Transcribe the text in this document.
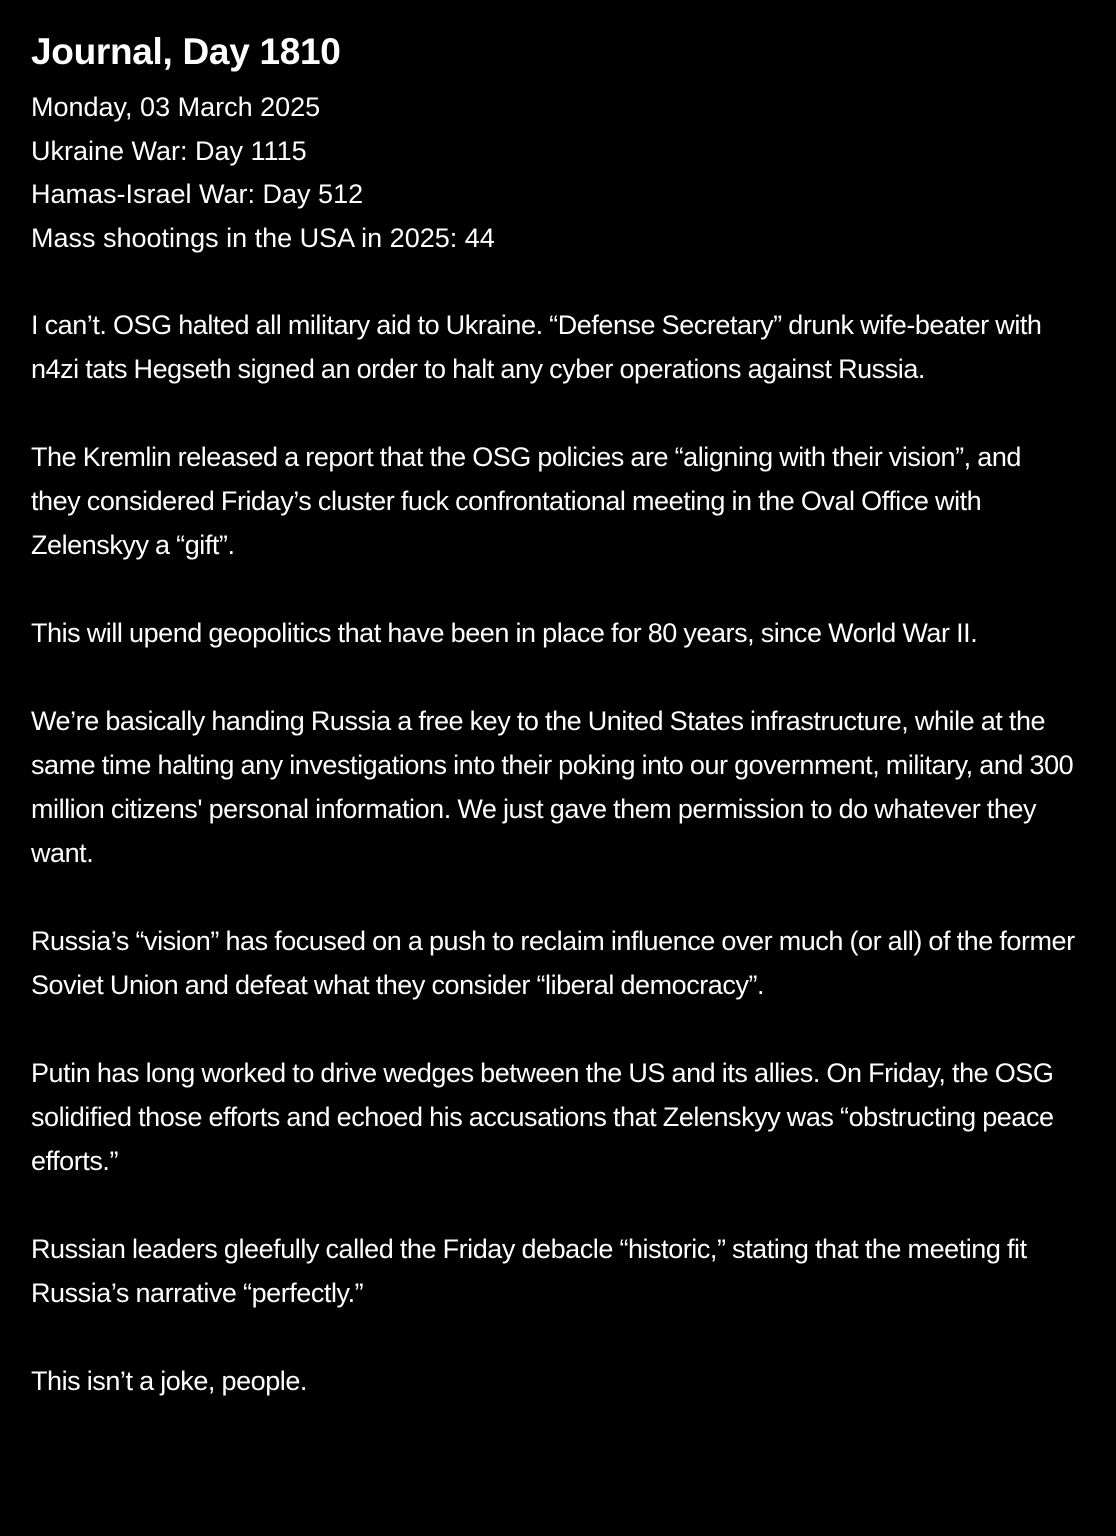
Journal, Day 1810

Monday, 03 March 2025

Ukraine War: Day 1115

Hamas-Israel War: Day 512

Mass shootings in the USA in 2025: 44

I can’t. OSG halted all military aid to Ukraine. “Defense Secretary” drunk wife-beater with n4zi tats Hegseth signed an order to halt any cyber operations against Russia.

The Kremlin released a report that the OSG policies are “aligning with their vision”, and they considered Friday’s cluster fuck confrontational meeting in the Oval Office with Zelenskyy a “gift”.

This will upend geopolitics that have been in place for 80 years, since World War II.

We’re basically handing Russia a free key to the United States infrastructure, while at the same time halting any investigations into their poking into our government, military, and 300 million citizens' personal information. We just gave them permission to do whatever they want.

Russia’s “vision” has focused on a push to reclaim influence over much (or all) of the former Soviet Union and defeat what they consider “liberal democracy”.

Putin has long worked to drive wedges between the US and its allies. On Friday, the OSG solidified those efforts and echoed his accusations that Zelenskyy was “obstructing peace efforts.”

Russian leaders gleefully called the Friday debacle “historic,” stating that the meeting fit Russia’s narrative “perfectly.”

This isn’t a joke, people.
